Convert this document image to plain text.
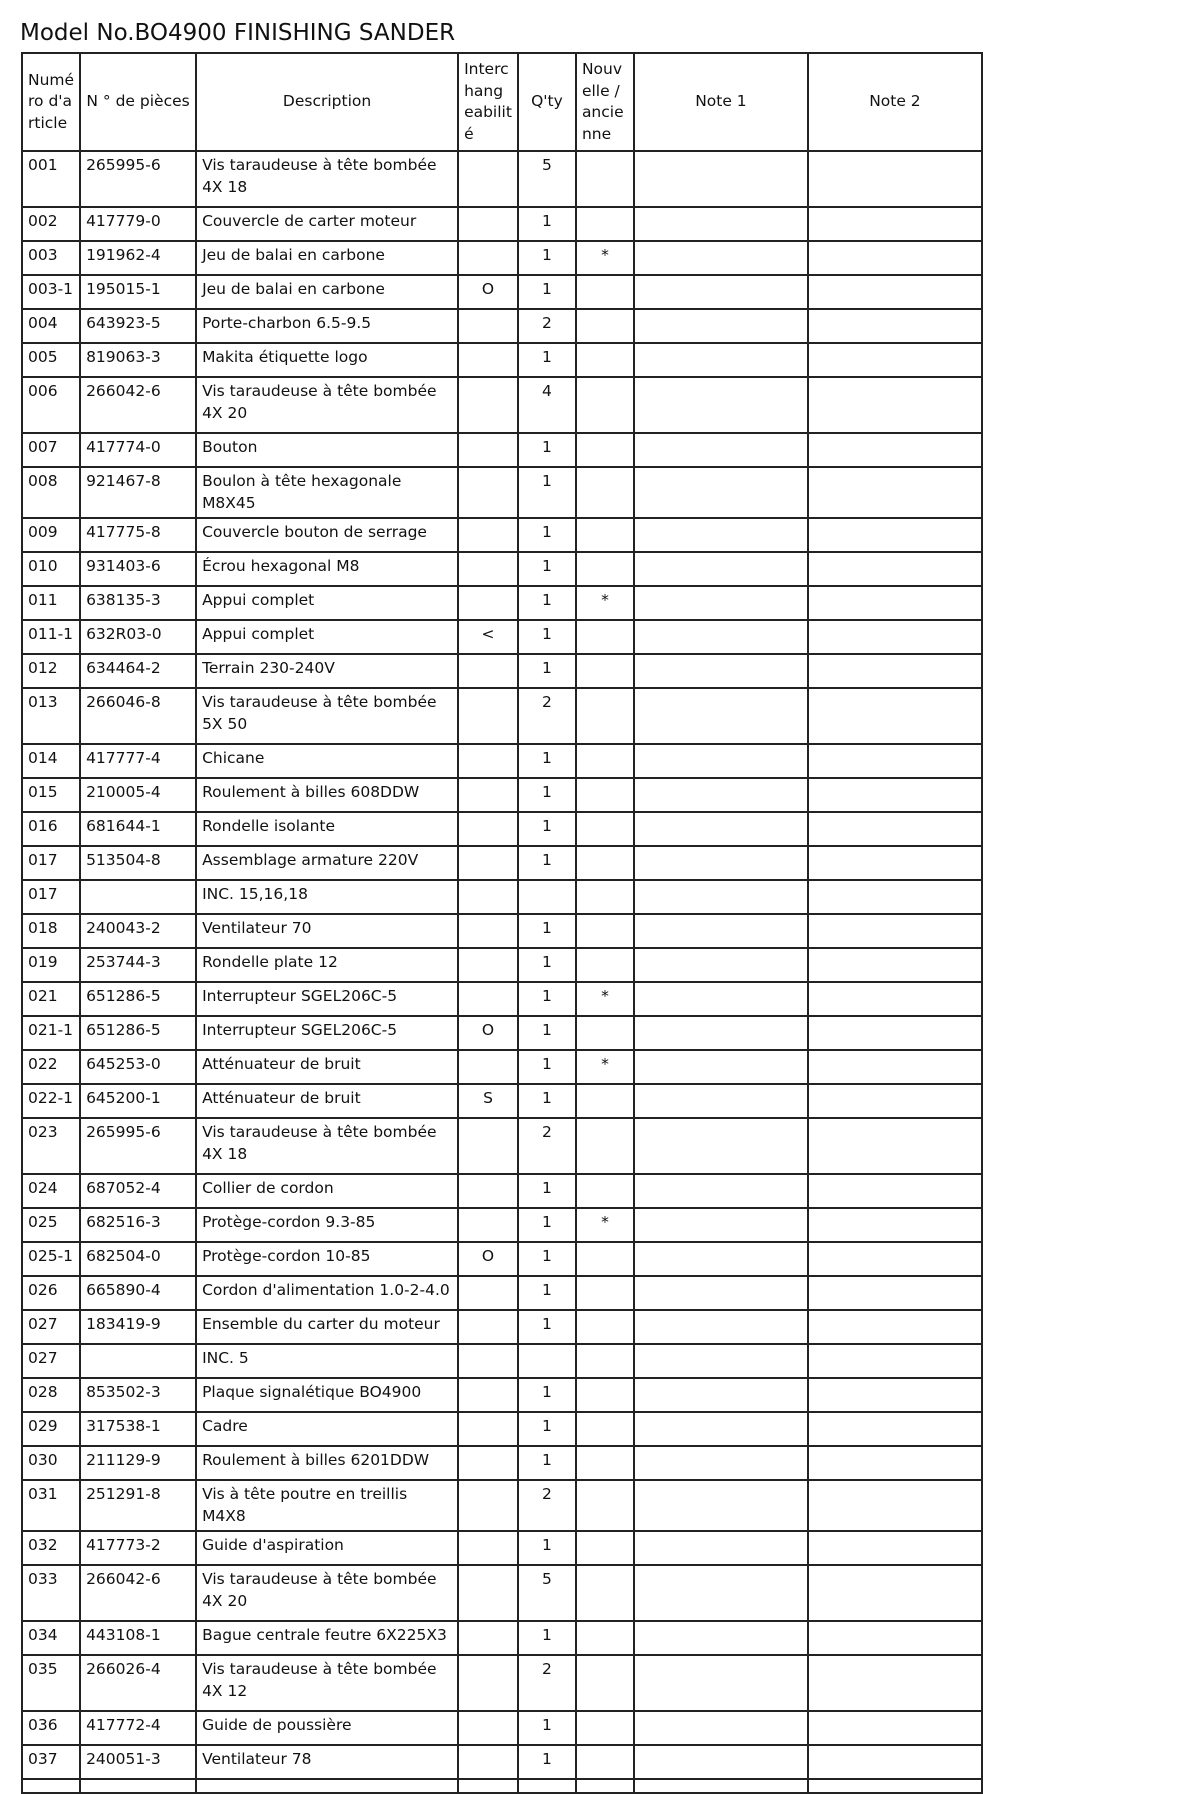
Model No.BO4900 FINISHING SANDER
Numé ro d'a rticle	N ° de pièces	Description	Interc hang eabilit é	Q'ty	Nouv elle / ancie nne	Note 1	Note 2
001	265995-6	Vis taraudeuse à tête bombée 4X 18		5			
002	417779-0	Couvercle de carter moteur		1			
003	191962-4	Jeu de balai en carbone		1	*		
003-1	195015-1	Jeu de balai en carbone	O	1			
004	643923-5	Porte-charbon 6.5-9.5		2			
005	819063-3	Makita étiquette logo		1			
006	266042-6	Vis taraudeuse à tête bombée 4X 20		4			
007	417774-0	Bouton		1			
008	921467-8	Boulon à tête hexagonale M8X45		1			
009	417775-8	Couvercle bouton de serrage		1			
010	931403-6	Écrou hexagonal M8		1			
011	638135-3	Appui complet		1	*		
011-1	632R03-0	Appui complet	<	1			
012	634464-2	Terrain 230-240V		1			
013	266046-8	Vis taraudeuse à tête bombée 5X 50		2			
014	417777-4	Chicane		1			
015	210005-4	Roulement à billes 608DDW		1			
016	681644-1	Rondelle isolante		1			
017	513504-8	Assemblage armature 220V		1			
017		INC. 15,16,18					
018	240043-2	Ventilateur 70		1			
019	253744-3	Rondelle plate 12		1			
021	651286-5	Interrupteur SGEL206C-5		1	*		
021-1	651286-5	Interrupteur SGEL206C-5	O	1			
022	645253-0	Atténuateur de bruit		1	*		
022-1	645200-1	Atténuateur de bruit	S	1			
023	265995-6	Vis taraudeuse à tête bombée 4X 18		2			
024	687052-4	Collier de cordon		1			
025	682516-3	Protège-cordon 9.3-85		1	*		
025-1	682504-0	Protège-cordon 10-85	O	1			
026	665890-4	Cordon d'alimentation 1.0-2-4.0		1			
027	183419-9	Ensemble du carter du moteur		1			
027		INC. 5					
028	853502-3	Plaque signalétique BO4900		1			
029	317538-1	Cadre		1			
030	211129-9	Roulement à billes 6201DDW		1			
031	251291-8	Vis à tête poutre en treillis M4X8		2			
032	417773-2	Guide d'aspiration		1			
033	266042-6	Vis taraudeuse à tête bombée 4X 20		5			
034	443108-1	Bague centrale feutre 6X225X3		1			
035	266026-4	Vis taraudeuse à tête bombée 4X 12		2			
036	417772-4	Guide de poussière		1			
037	240051-3	Ventilateur 78		1			
